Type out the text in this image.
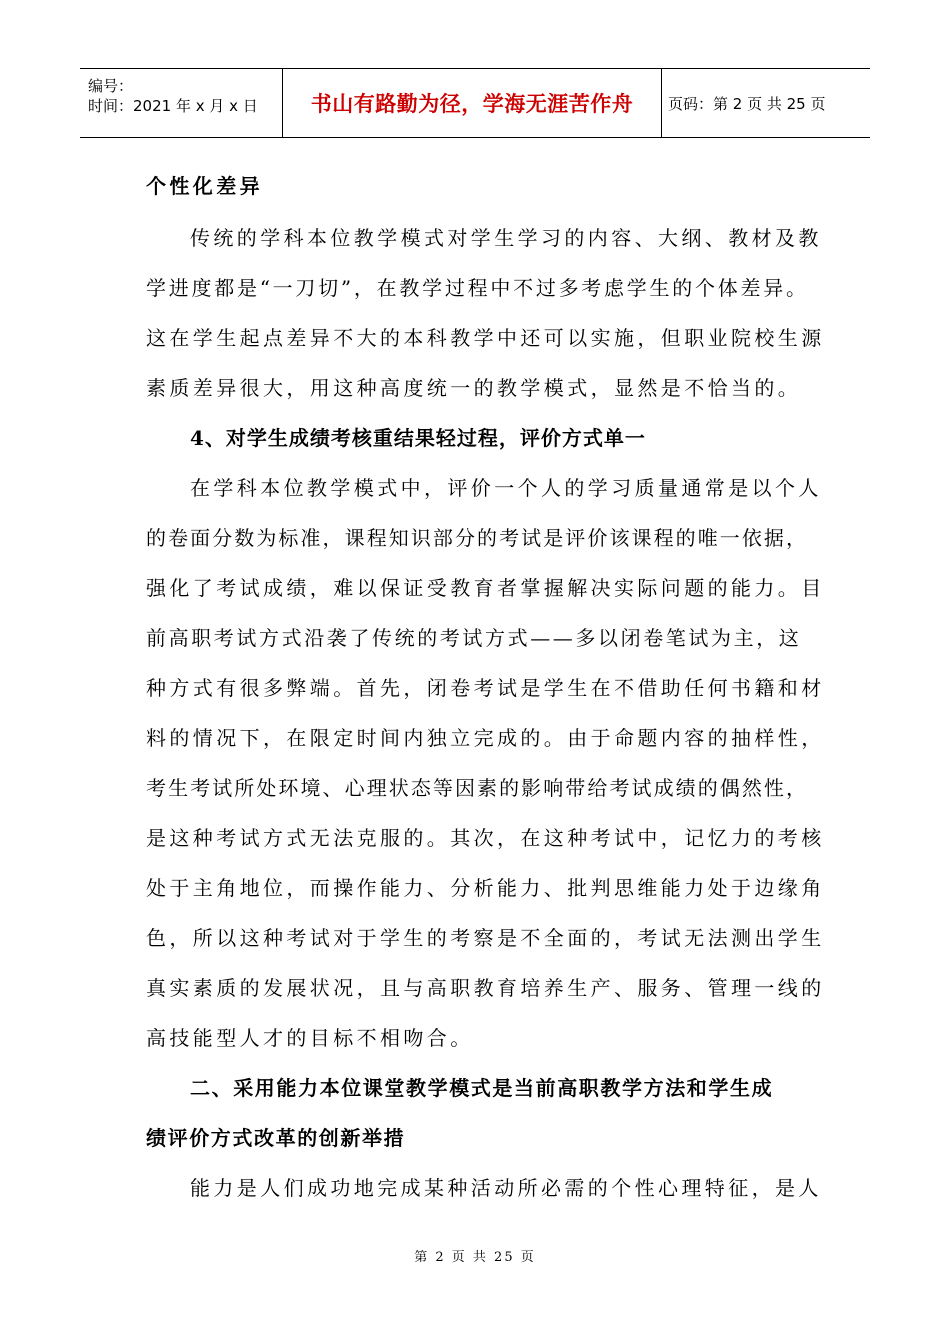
编号：
时间：2021 年 x 月 x 日	书山有路勤为径，学海无涯苦作舟 页码：第 2 页 共 25 页
个性化差异
传统的学科本位教学模式对学生学习的内容、大纲、教材及教
学进度都是“一刀切”，在教学过程中不过多考虑学生的个体差异。
这在学生起点差异不大的本科教学中还可以实施，但职业院校生源
素质差异很大，用这种高度统一的教学模式，显然是不恰当的。
4、对学生成绩考核重结果轻过程，评价方式单一
在学科本位教学模式中，评价一个人的学习质量通常是以个人
的卷面分数为标准，课程知识部分的考试是评价该课程的唯一依据，
强化了考试成绩，难以保证受教育者掌握解决实际问题的能力。目
前高职考试方式沿袭了传统的考试方式——多以闭卷笔试为主，这
种方式有很多弊端。首先，闭卷考试是学生在不借助任何书籍和材
料的情况下，在限定时间内独立完成的。由于命题内容的抽样性，
考生考试所处环境、心理状态等因素的影响带给考试成绩的偶然性，
是这种考试方式无法克服的。其次，在这种考试中，记忆力的考核
处于主角地位，而操作能力、分析能力、批判思维能力处于边缘角
色，所以这种考试对于学生的考察是不全面的，考试无法测出学生
真实素质的发展状况，且与高职教育培养生产、服务、管理一线的
高技能型人才的目标不相吻合。
二、采用能力本位课堂教学模式是当前高职教学方法和学生成
绩评价方式改革的创新举措
能力是人们成功地完成某种活动所必需的个性心理特征，是人
第 2 页 共 25 页
